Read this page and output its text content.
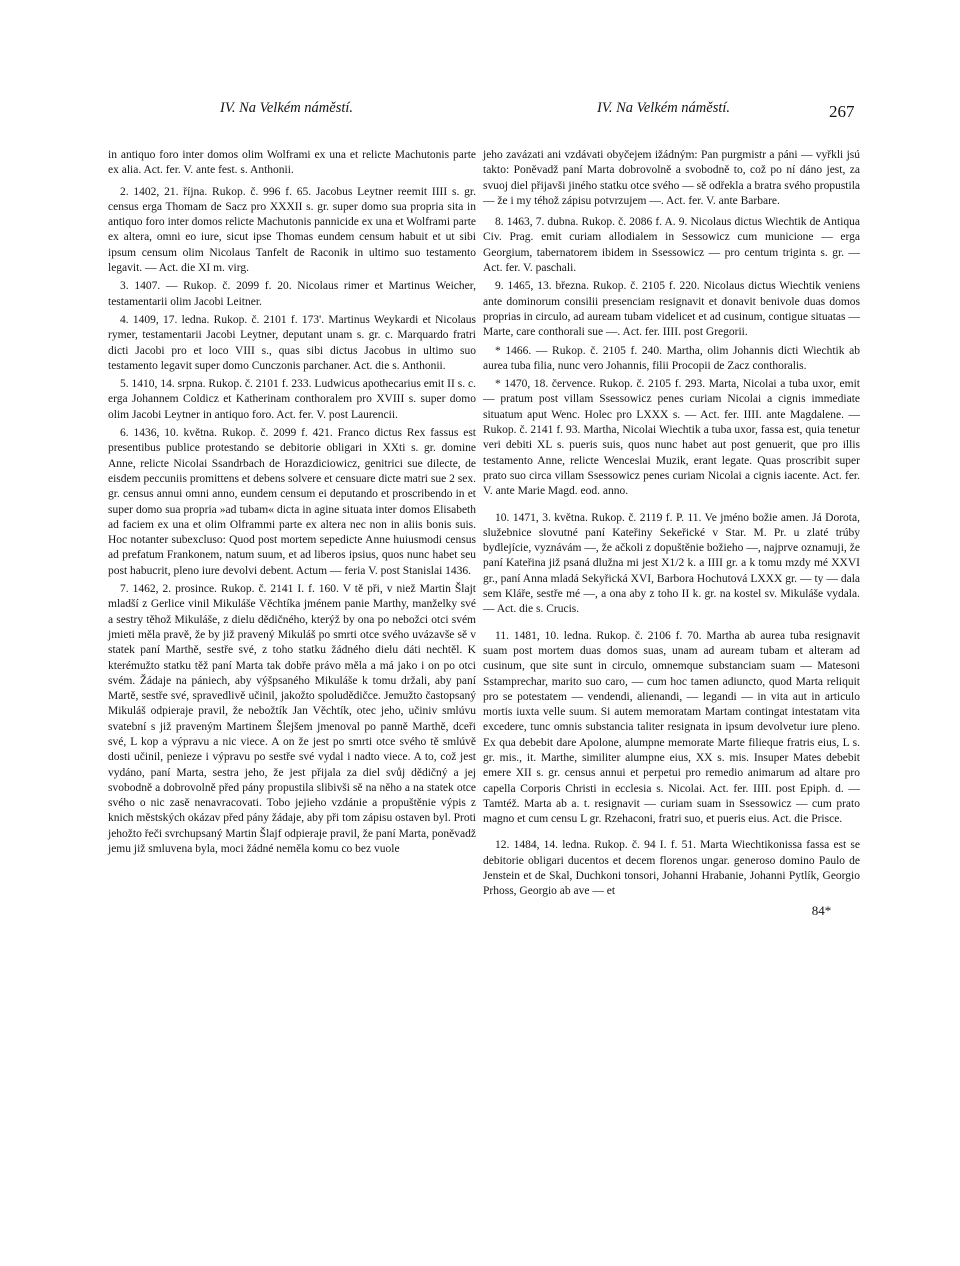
IV. Na Velkém náměstí.	IV. Na Velkém náměstí.	267

in antiquo foro inter domos olim Wolframi ex una et relicte Machutonis parte ex alia. Act. fer. V. ante fest. s. Anthonii.

2. 1402, 21. října. Rukop. č. 996 f. 65. Jacobus Leytner reemit IIII s. gr. census erga Thomam de Sacz pro XXXII s. gr. super domo sua propria sita in antiquo foro inter domos relicte Machutonis pannicide ex una et Wolframi parte ex altera, omni eo iure, sicut ipse Thomas eundem censum habuit et ut sibi ipsum censum olim Nicolaus Tanfelt de Raconik in ultimo suo testamento legavit. — Act. die XI m. virg.

3. 1407. — Rukop. č. 2099 f. 20. Nicolaus rimer et Martinus Weicher, testamentarii olim Jacobi Leitner.

4. 1409, 17. ledna. Rukop. č. 2101 f. 173'. Martinus Weykardi et Nicolaus rymer, testamentarii Jacobi Leytner, deputant unam s. gr. c. Marquardo fratri dicti Jacobi pro et loco VIII s., quas sibi dictus Jacobus in ultimo suo testamento legavit super domo Cunczonis parchaner. Act. die s. Anthonii.

5. 1410, 14. srpna. Rukop. č. 2101 f. 233. Ludwicus apothecarius emit II s. c. erga Johannem Coldicz et Katherinam conthoralem pro XVIII s. super domo olim Jacobi Leytner in antiquo foro. Act. fer. V. post Laurencii.

6. 1436, 10. května. Rukop. č. 2099 f. 421. Franco dictus Rex fassus est presentibus publice protestando se debitorie obligari in XXti s. gr. domine Anne, relicte Nicolai Ssandrbach de Horazdiciowicz, genitrici sue dilecte, de eisdem peccuniis promittens et debens solvere et censuare dicte matri sue 2 sex. gr. census annui omni anno, eundem censum ei deputando et proscribendo in et super domo sua propria »ad tubam« dicta in agine situata inter domos Elisabeth ad faciem ex una et olim Olframmi parte ex altera nec non in aliis bonis suis. Hoc notanter subexcluso: Quod post mortem sepedicte Anne huiusmodi census ad prefatum Frankonem, natum suum, et ad liberos ipsius, quos nunc habet seu post habucrit, pleno iure devolvi debent. Actum — feria V. post Stanislai 1436.

7. 1462, 2. prosince. Rukop. č. 2141 I. f. 160. V tě při, v niež Martin Šlajt mladší z Gerlice vinil Mikuláše Věchtíka jménem panie Marthy, manželky své a sestry těhož Mikuláše, z dielu dědičného, kterýž by ona po nebožci otci svém jmieti měla pravě, že by již pravený Mikuláš po smrti otce svého uvázavše sě v statek paní Marthě, sestře své, z toho statku žádného dielu dáti nechtěl. K kterémužto statku těž paní Marta tak dobře právo měla a má jako i on po otci svém. Žádaje na pániech, aby výšpsaného Mikuláše k tomu držali, aby paní Martě, sestře své, spravedlivě učinil, jakožto spoludědičce. Jemužto častopsaný Mikuláš odpieraje pravil, že nebožtík Jan Věchtík, otec jeho, učiniv smlúvu svatební s již praveným Martinem Šlejšem jmenoval po panně Marthě, dceři své, L kop a výpravu a nic viece. A on že jest po smrti otce svého tě smlúvě dosti učinil, penieze i výpravu po sestře své vydal i nadto viece. A to, což jest vydáno, paní Marta, sestra jeho, že jest přijala za diel svůj dědičný a jej svobodně a dobrovolně před pány propustila slibivši sě na něho a na statek otce svého o nic zasě nenavracovati. Tobo jejieho vzdánie a propuštěnie výpis z knich městských okázav před pány žádaje, aby při tom zápisu ostaven byl. Proti jehožto řeči svrchupsaný Martin Šlajf odpieraje pravil, že paní Marta, poněvadž jemu již smluvena byla, moci žádné neměla komu co bez vuole

jeho zavázati ani vzdávati obyčejem ižádným: Pan purgmistr a páni — vyřkli jsú takto: Poněvadž paní Marta dobrovolně a svobodně to, což po ní dáno jest, za svuoj diel přijavši jiného statku otce svého — sě odřekla a bratra svého propustila — že i my téhož zápisu potvrzujem —. Act. fer. V. ante Barbare.

8. 1463, 7. dubna. Rukop. č. 2086 f. A. 9. Nicolaus dictus Wiechtik de Antiqua Civ. Prag. emit curiam allodialem in Sessowicz cum municione — erga Georgium, tabernatorem ibidem in Ssessowicz — pro centum triginta s. gr. — Act. fer. V. paschali.

9. 1465, 13. března. Rukop. č. 2105 f. 220. Nicolaus dictus Wiechtik veniens ante dominorum consilii presenciam resignavit et donavit benivole duas domos proprias in circulo, ad auream tubam videlicet et ad cusinum, contigue situatas — Marte, care conthorali sue —. Act. fer. IIII. post Gregorii.

* 1466. — Rukop. č. 2105 f. 240. Martha, olim Johannis dicti Wiechtik ab aurea tuba filia, nunc vero Johannis, filii Procopii de Zacz conthoralis.

* 1470, 18. července. Rukop. č. 2105 f. 293. Marta, Nicolai a tuba uxor, emit — pratum post villam Ssessowicz penes curiam Nicolai a cignis immediate situatum aput Wenc. Holec pro LXXX s. — Act. fer. IIII. ante Magdalene. — Rukop. č. 2141 f. 93. Martha, Nicolai Wiechtik a tuba uxor, fassa est, quia tenetur veri debiti XL s. pueris suis, quos nunc habet aut post genuerit, que pro illis testamento Anne, relicte Wenceslai Muzik, erant legate. Quas proscribit super prato suo circa villam Ssessowicz penes curiam Nicolai a cignis iacente. Act. fer. V. ante Marie Magd. eod. anno.

10. 1471, 3. května. Rukop. č. 2119 f. P. 11. Ve jméno božie amen. Já Dorota, služebnice slovutné paní Kateřiny Sekeřické v Star. M. Pr. u zlaté trúby bydlejície, vyznávám —, že ačkoli z dopuštěnie božieho —, najprve oznamuji, že paní Kateřina již psaná dlužna mi jest X1/2 k. a IIII gr. a k tomu mzdy mé XXVI gr., paní Anna mladá Sekyřická XVI, Barbora Hochutová LXXX gr. — ty — dala sem Kláře, sestře mé —, a ona aby z toho II k. gr. na kostel sv. Mikuláše vydala. — Act. die s. Crucis.

11. 1481, 10. ledna. Rukop. č. 2106 f. 70. Martha ab aurea tuba resignavit suam post mortem duas domos suas, unam ad auream tubam et alteram ad cusinum, que site sunt in circulo, omnemque substanciam suam — Matesoni Sstamprechar, marito suo caro, — cum hoc tamen adiuncto, quod Marta reliquit pro se potestatem — vendendi, alienandi, — legandi — in vita aut in articulo mortis iuxta velle suum. Si autem memoratam Martam contingat intestatam vita excedere, tunc omnis substancia taliter resignata in ipsum devolvetur iure pleno. Ex qua debebit dare Apolone, alumpne memorate Marte filieque fratris eius, L s. gr. mis., it. Marthe, similiter alumpne eius, XX s. mis. Insuper Mates debebit emere XII s. gr. census annui et perpetui pro remedio animarum ad altare pro capella Corporis Christi in ecclesia s. Nicolai. Act. fer. IIII. post Epiph. d. — Tamtéž. Marta ab a. t. resignavit — curiam suam in Ssessowicz — cum prato magno et cum censu L gr. Rzehaconi, fratri suo, et pueris eius. Act. die Prisce.

12. 1484, 14. ledna. Rukop. č. 94 I. f. 51. Marta Wiechtikonissa fassa est se debitorie obligari ducentos et decem florenos ungar. generoso domino Paulo de Jenstein et de Skal, Duchkoni tonsori, Johanni Hrabanie, Johanni Pytlík, Georgio Prhoss, Georgio ab ave — et

84*
